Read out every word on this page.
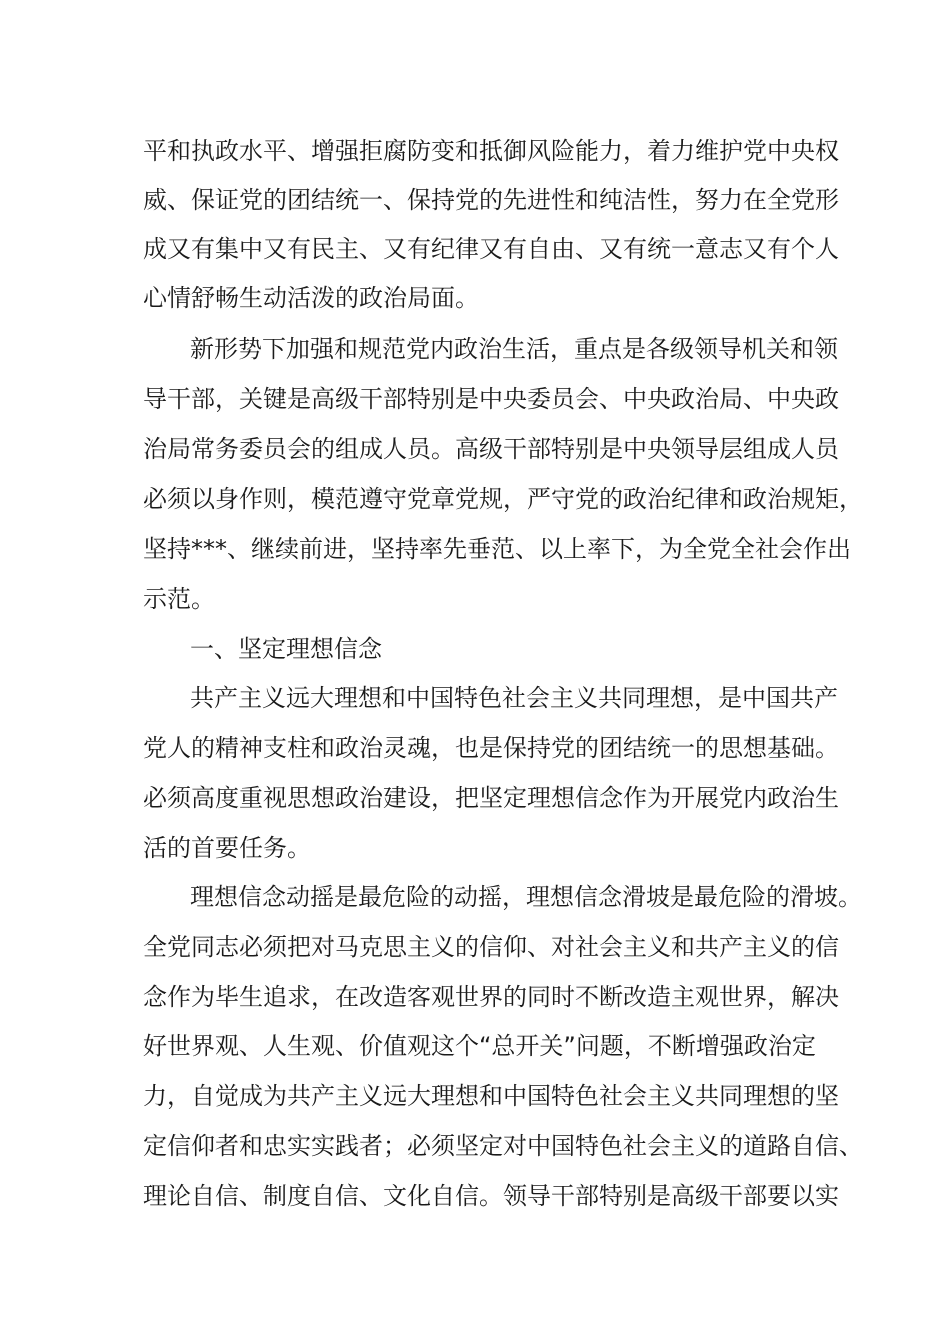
平和执政水平、增强拒腐防变和抵御风险能力，着力维护党中央权
威、保证党的团结统一、保持党的先进性和纯洁性，努力在全党形
成又有集中又有民主、又有纪律又有自由、又有统一意志又有个人
心情舒畅生动活泼的政治局面。
新形势下加强和规范党内政治生活，重点是各级领导机关和领
导干部，关键是高级干部特别是中央委员会、中央政治局、中央政
治局常务委员会的组成人员。高级干部特别是中央领导层组成人员
必须以身作则，模范遵守党章党规，严守党的政治纪律和政治规矩，
坚持***、继续前进，坚持率先垂范、以上率下，为全党全社会作出
示范。
一、坚定理想信念
共产主义远大理想和中国特色社会主义共同理想，是中国共产
党人的精神支柱和政治灵魂，也是保持党的团结统一的思想基础。
必须高度重视思想政治建设，把坚定理想信念作为开展党内政治生
活的首要任务。
理想信念动摇是最危险的动摇，理想信念滑坡是最危险的滑坡。
全党同志必须把对马克思主义的信仰、对社会主义和共产主义的信
念作为毕生追求，在改造客观世界的同时不断改造主观世界，解决
好世界观、人生观、价值观这个“总开关”问题，不断增强政治定
力，自觉成为共产主义远大理想和中国特色社会主义共同理想的坚
定信仰者和忠实实践者；必须坚定对中国特色社会主义的道路自信、
理论自信、制度自信、文化自信。领导干部特别是高级干部要以实
